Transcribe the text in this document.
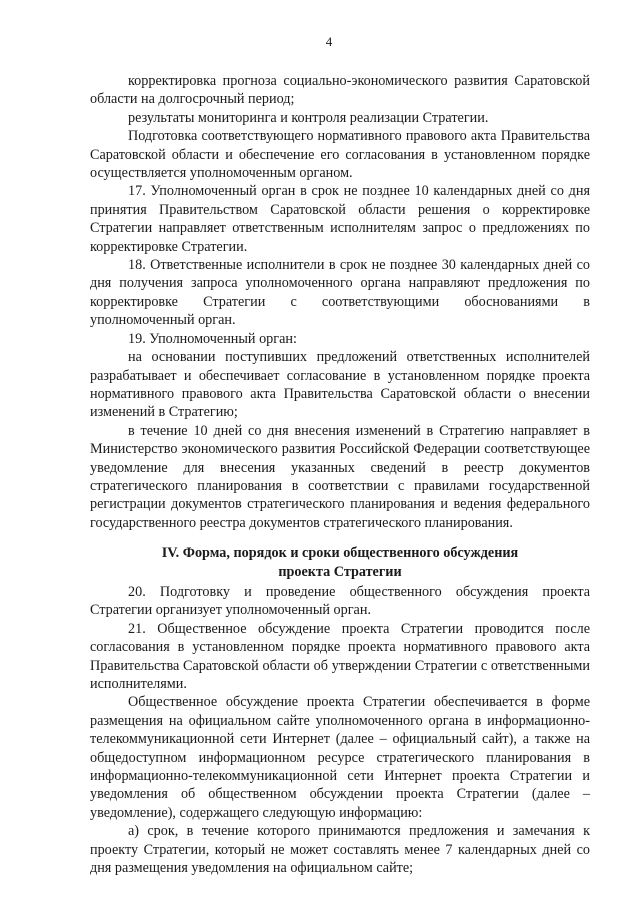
4

корректировка прогноза социально-экономического развития Саратовской области на долгосрочный период;

результаты мониторинга и контроля реализации Стратегии.

Подготовка соответствующего нормативного правового акта Правительства Саратовской области и обеспечение его согласования в установленном порядке осуществляется уполномоченным органом.

17. Уполномоченный орган в срок не позднее 10 календарных дней со дня принятия Правительством Саратовской области решения о корректировке Стратегии направляет ответственным исполнителям запрос о предложениях по корректировке Стратегии.

18. Ответственные исполнители в срок не позднее 30 календарных дней со дня получения запроса уполномоченного органа направляют предложения по корректировке Стратегии с соответствующими обоснованиями в уполномоченный орган.

19. Уполномоченный орган:

на основании поступивших предложений ответственных исполнителей разрабатывает и обеспечивает согласование в установленном порядке проекта нормативного правового акта Правительства Саратовской области о внесении изменений в Стратегию;

в течение 10 дней со дня внесения изменений в Стратегию направляет в Министерство экономического развития Российской Федерации соответствующее уведомление для внесения указанных сведений в реестр документов стратегического планирования в соответствии с правилами государственной регистрации документов стратегического планирования и ведения федерального государственного реестра документов стратегического планирования.

IV. Форма, порядок и сроки общественного обсуждения
проекта Стратегии

20. Подготовку и проведение общественного обсуждения проекта Стратегии организует уполномоченный орган.

21. Общественное обсуждение проекта Стратегии проводится после согласования в установленном порядке проекта нормативного правового акта Правительства Саратовской области об утверждении Стратегии с ответственными исполнителями.

Общественное обсуждение проекта Стратегии обеспечивается в форме размещения на официальном сайте уполномоченного органа в информационно-телекоммуникационной сети Интернет (далее – официальный сайт), а также на общедоступном информационном ресурсе стратегического планирования в информационно-телекоммуникационной сети Интернет проекта Стратегии и уведомления об общественном обсуждении проекта Стратегии (далее – уведомление), содержащего следующую информацию:

а) срок, в течение которого принимаются предложения и замечания к проекту Стратегии, который не может составлять менее 7 календарных дней со дня размещения уведомления на официальном сайте;
